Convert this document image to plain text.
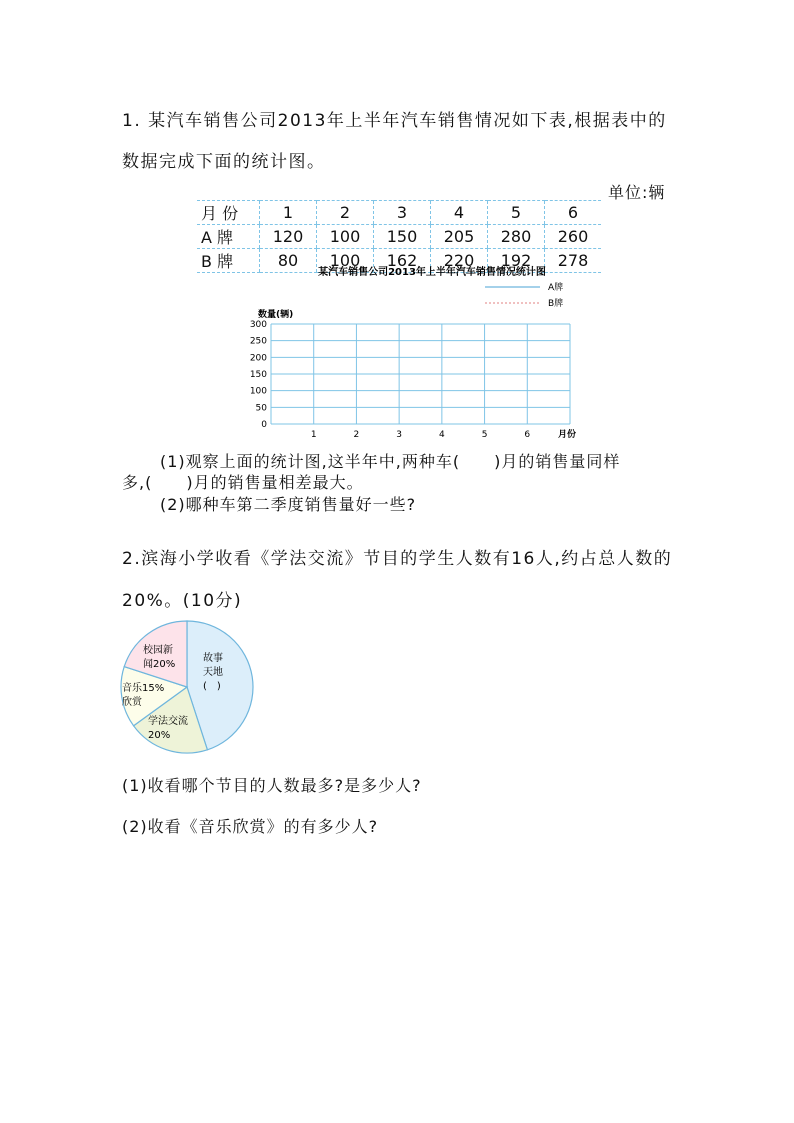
1. 某汽车销售公司2013年上半年汽车销售情况如下表,根据表中的
数据完成下面的统计图。
单位:辆
月 份	1	2	3	4	5	6
A 牌	120	100	150	205	280	260
B 牌	80	100	162	220	192	278
某汽车销售公司2013年上半年汽车销售情况统计图
A牌
B牌
数量(辆)
0
50
100
150
200
250
300
1	2	3	4	5	6	月份
(1)观察上面的统计图,这半年中,两种车(　　)月的销售量同样
多,(　　)月的销售量相差最大。
(2)哪种车第二季度销售量好一些?
2.滨海小学收看《学法交流》节目的学生人数有16人,约占总人数的
20%。(10分)
故事
天地
(　)
学法交流
20%
音乐15%
欣赏
校园新
闻20%
(1)收看哪个节目的人数最多?是多少人?
(2)收看《音乐欣赏》的有多少人?
